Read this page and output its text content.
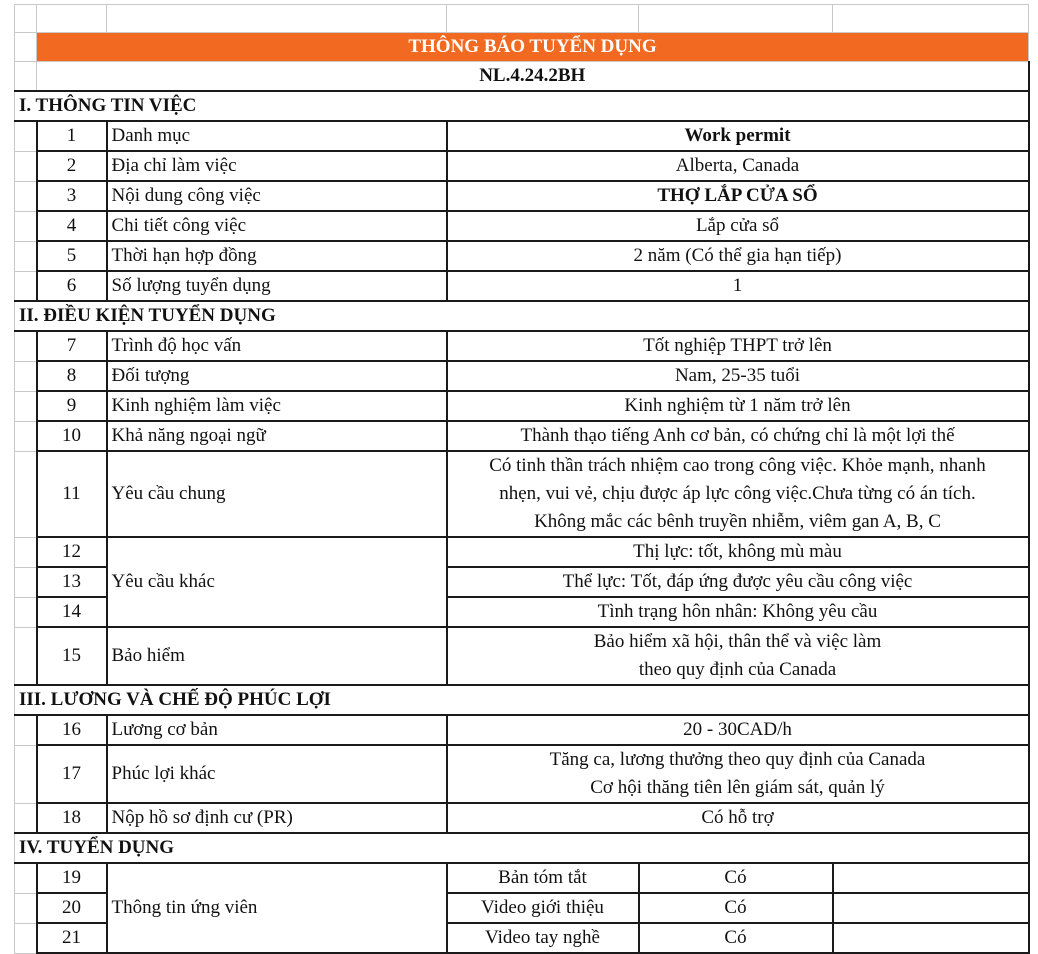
	THÔNG BÁO TUYỂN DỤNG				
	NL.4.24.2BH				
I. THÔNG TIN VIỆC					
	1	Danh mục	Work permit		
	2	Địa chỉ làm việc	Alberta, Canada		
	3	Nội dung công việc	THỢ LẮP CỬA SỔ		
	4	Chi tiết công việc	Lắp cửa sổ		
	5	Thời hạn hợp đồng	2 năm (Có thể gia hạn tiếp)		
	6	Số lượng tuyển dụng	1		
II. ĐIỀU KIỆN TUYỂN DỤNG					
	7	Trình độ học vấn	Tốt nghiệp THPT trở lên		
	8	Đối tượng	Nam, 25-35 tuổi		
	9	Kinh nghiệm làm việc	Kinh nghiệm từ 1 năm trở lên		
	10	Khả năng ngoại ngữ	Thành thạo tiếng Anh cơ bản, có chứng chỉ là một lợi thế		
	11	Yêu cầu chung	Có tinh thần trách nhiệm cao trong công việc. Khỏe mạnh, nhanh
nhẹn, vui vẻ, chịu được áp lực công việc.Chưa từng có án tích.
Không mắc các bênh truyền nhiễm, viêm gan A, B, C		

	12	Yêu cầu khác	Thị lực: tốt, không mù màu		
	13		Thể lực: Tốt, đáp ứng được yêu cầu công việc		
	14		Tình trạng hôn nhân: Không yêu cầu		
	15	Bảo hiểm	Bảo hiểm xã hội, thân thể và việc làm
theo quy định của Canada		

III. LƯƠNG VÀ CHẾ ĐỘ PHÚC LỢI					
	16	Lương cơ bản	20 - 30CAD/h		
	17	Phúc lợi khác	Tăng ca, lương thưởng theo quy định của Canada
Cơ hội thăng tiên lên giám sát, quản lý		

	18	Nộp hồ sơ định cư (PR)	Có hỗ trợ		
IV. TUYỂN DỤNG					
	19	Thông tin ứng viên	Bản tóm tắt	Có	
	20		Video giới thiệu	Có	
	21		Video tay nghề	Có	
